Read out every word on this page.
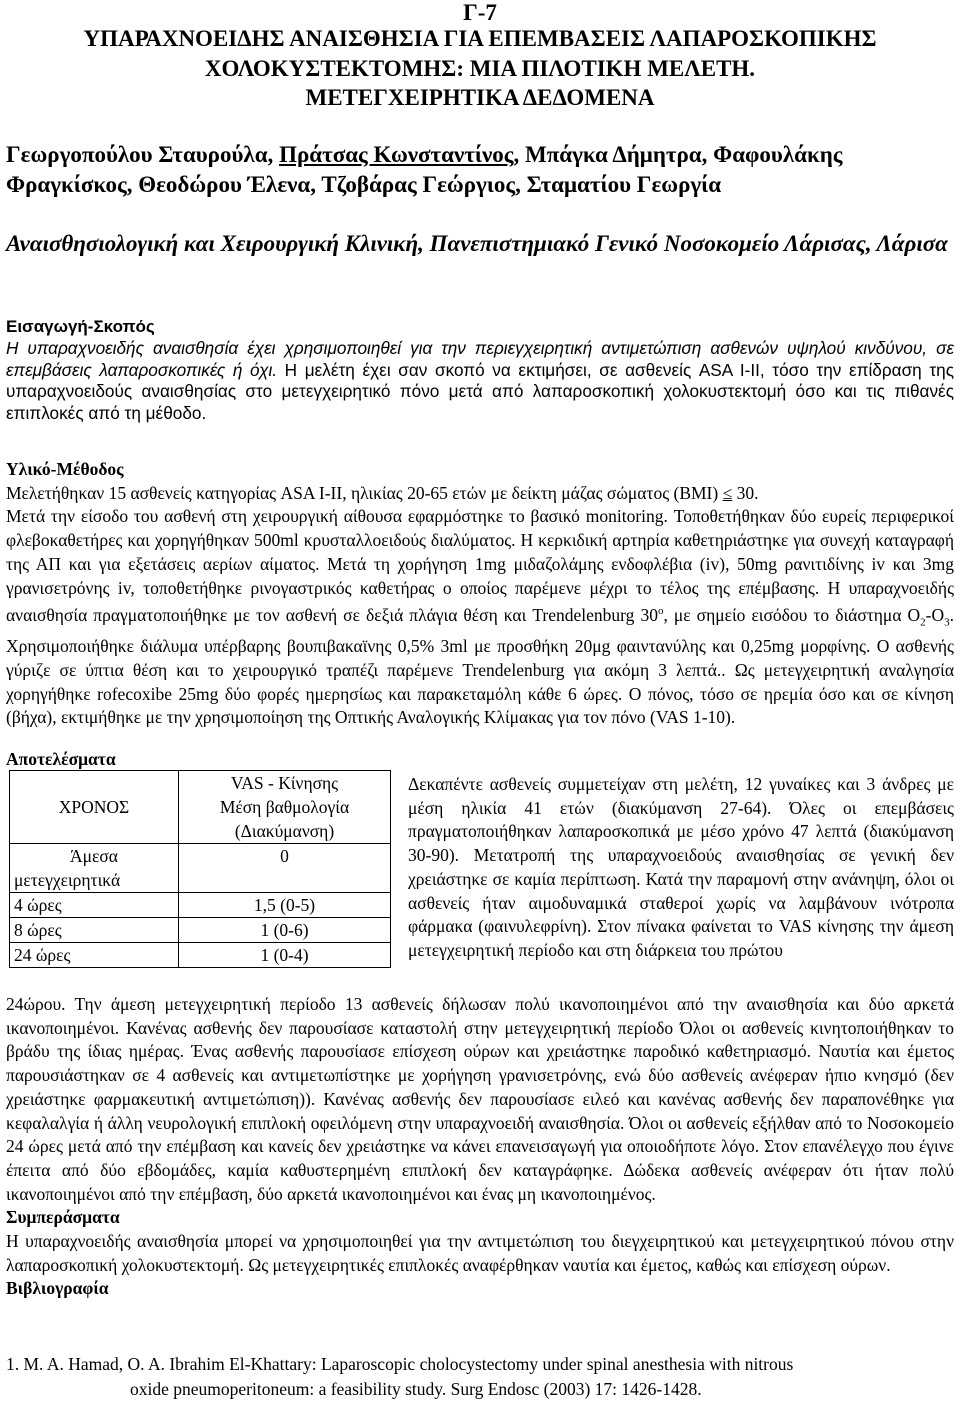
Γ-7
ΥΠΑΡΑΧΝΟΕΙΔΗΣ ΑΝΑΙΣΘΗΣΙΑ ΓΙΑ ΕΠΕΜΒΑΣΕΙΣ ΛΑΠΑΡΟΣΚΟΠΙΚΗΣ
ΧΟΛΟΚΥΣΤΕΚΤΟΜΗΣ: ΜΙΑ ΠΙΛΟΤΙΚΗ ΜΕΛΕΤΗ.
ΜΕΤΕΓΧΕΙΡΗΤΙΚΑ ΔΕΔΟΜΕΝΑ
Γεωργοπούλου Σταυρούλα, Πράτσας Κωνσταντίνος, Μπάγκα Δήμητρα, Φαφουλάκης Φραγκίσκος, Θεοδώρου Έλενα, Τζοβάρας Γεώργιος, Σταματίου Γεωργία
Αναισθησιολογική και Χειρουργική Κλινική, Πανεπιστημιακό Γενικό Νοσοκομείο Λάρισας, Λάρισα
Εισαγωγή-Σκοπός
Η υπαραχνοειδής αναισθησία έχει χρησιμοποιηθεί για την περιεγχειρητική αντιμετώπιση ασθενών υψηλού κινδύνου, σε επεμβάσεις λαπαροσκοπικές ή όχι. Η μελέτη έχει σαν σκοπό να εκτιμήσει, σε ασθενείς ASA I-II, τόσο την επίδραση της υπαραχνοειδούς αναισθησίας στο μετεγχειρητικό πόνο μετά από λαπαροσκοπική χολοκυστεκτομή όσο και τις πιθανές επιπλοκές από τη μέθοδο.
Υλικό-Μέθοδος
Μελετήθηκαν 15 ασθενείς κατηγορίας ASA I-II, ηλικίας 20-65 ετών με δείκτη μάζας σώματος (BMI) ≤ 30.
Μετά την είσοδο του ασθενή στη χειρουργική αίθουσα εφαρμόστηκε το βασικό monitoring. Τοποθετήθηκαν δύο ευρείς περιφερικοί φλεβοκαθετήρες και χορηγήθηκαν 500ml κρυσταλλοειδούς διαλύματος. Η κερκιδική αρτηρία καθετηριάστηκε για συνεχή καταγραφή της ΑΠ και για εξετάσεις αερίων αίματος. Μετά τη χορήγηση 1mg μιδαζολάμης ενδοφλέβια (iv), 50mg ρανιτιδίνης iv και 3mg γρανισετρόνης iv, τοποθετήθηκε ρινογαστρικός καθετήρας ο οποίος παρέμενε μέχρι το τέλος της επέμβασης. Η υπαραχνοειδής αναισθησία πραγματοποιήθηκε με τον ασθενή σε δεξιά πλάγια θέση και Trendelenburg $30^o$, με σημείο εισόδου το διάστημα $O_2-O_3$. Χρησιμοποιήθηκε διάλυμα υπέρβαρης βουπιβακαϊνης 0,5% 3ml με προσθήκη 20μg φαιντανύλης και 0,25mg μορφίνης. Ο ασθενής γύριζε σε ύπτια θέση και το χειρουργικό τραπέζι παρέμενε Trendelenburg για ακόμη 3 λεπτά.. Ως μετεγχειρητική αναλγησία χορηγήθηκε rofecoxibe 25mg δύο φορές ημερησίως και παρακεταμόλη κάθε 6 ώρες. Ο πόνος, τόσο σε ηρεμία όσο και σε κίνηση (βήχα), εκτιμήθηκε με την χρησιμοποίηση της Οπτικής Αναλογικής Κλίμακας για τον πόνο (VAS 1-10).
Αποτελέσματα
ΧΡΟΝΟΣ	VAS - Κίνησης
Μέση βαθμολογία
(Διακύμανση)

Άμεσα
μετεγχειρητικά	0
4 ώρες	1,5 (0-5)
8 ώρες	1 (0-6)
24 ώρες	1 (0-4)
Δεκαπέντε ασθενείς συμμετείχαν στη μελέτη, 12 γυναίκες και 3 άνδρες με μέση ηλικία 41 ετών (διακύμανση 27-64). Όλες οι επεμβάσεις πραγματοποιήθηκαν λαπαροσκοπικά με μέσο χρόνο 47 λεπτά (διακύμανση 30-90). Μετατροπή της υπαραχνοειδούς αναισθησίας σε γενική δεν χρειάστηκε σε καμία περίπτωση. Κατά την παραμονή στην ανάνηψη, όλοι οι ασθενείς ήταν αιμοδυναμικά σταθεροί χωρίς να λαμβάνουν ινότροπα φάρμακα (φαινυλεφρίνη). Στον πίνακα φαίνεται το VAS κίνησης την άμεση μετεγχειρητική περίοδο και στη διάρκεια του πρώτου
24ώρου. Την άμεση μετεγχειρητική περίοδο 13 ασθενείς δήλωσαν πολύ ικανοποιημένοι από την αναισθησία και δύο αρκετά ικανοποιημένοι. Κανένας ασθενής δεν παρουσίασε καταστολή στην μετεγχειρητική περίοδο Όλοι οι ασθενείς κινητοποιήθηκαν το βράδυ της ίδιας ημέρας. Ένας ασθενής παρουσίασε επίσχεση ούρων και χρειάστηκε παροδικό καθετηριασμό. Ναυτία και έμετος παρουσιάστηκαν σε 4 ασθενείς και αντιμετωπίστηκε με χορήγηση γρανισετρόνης, ενώ δύο ασθενείς ανέφεραν ήπιο κνησμό (δεν χρειάστηκε φαρμακευτική αντιμετώπιση)). Κανένας ασθενής δεν παρουσίασε ειλεό και κανένας ασθενής δεν παραπονέθηκε για κεφαλαλγία ή άλλη νευρολογική επιπλοκή οφειλόμενη στην υπαραχνοειδή αναισθησία. Όλοι οι ασθενείς εξήλθαν από το Νοσοκομείο 24 ώρες μετά από την επέμβαση και κανείς δεν χρειάστηκε να κάνει επανεισαγωγή για οποιοδήποτε λόγο. Στον επανέλεγχο που έγινε έπειτα από δύο εβδομάδες, καμία καθυστερημένη επιπλοκή δεν καταγράφηκε. Δώδεκα ασθενείς ανέφεραν ότι ήταν πολύ ικανοποιημένοι από την επέμβαση, δύο αρκετά ικανοποιημένοι και ένας μη ικανοποιημένος.
Συμπεράσματα
Η υπαραχνοειδής αναισθησία μπορεί να χρησιμοποιηθεί για την αντιμετώπιση του διεγχειρητικού και μετεγχειρητικού πόνου στην λαπαροσκοπική χολοκυστεκτομή. Ως μετεγχειρητικές επιπλοκές αναφέρθηκαν ναυτία και έμετος, καθώς και επίσχεση ούρων.
Βιβλιογραφία
1. M. A. Hamad, O. A. Ibrahim El-Khattary: Laparoscopic cholocystectomy under spinal anesthesia with nitrous
oxide pneumoperitoneum: a feasibility study. Surg Endosc (2003) 17: 1426-1428.
